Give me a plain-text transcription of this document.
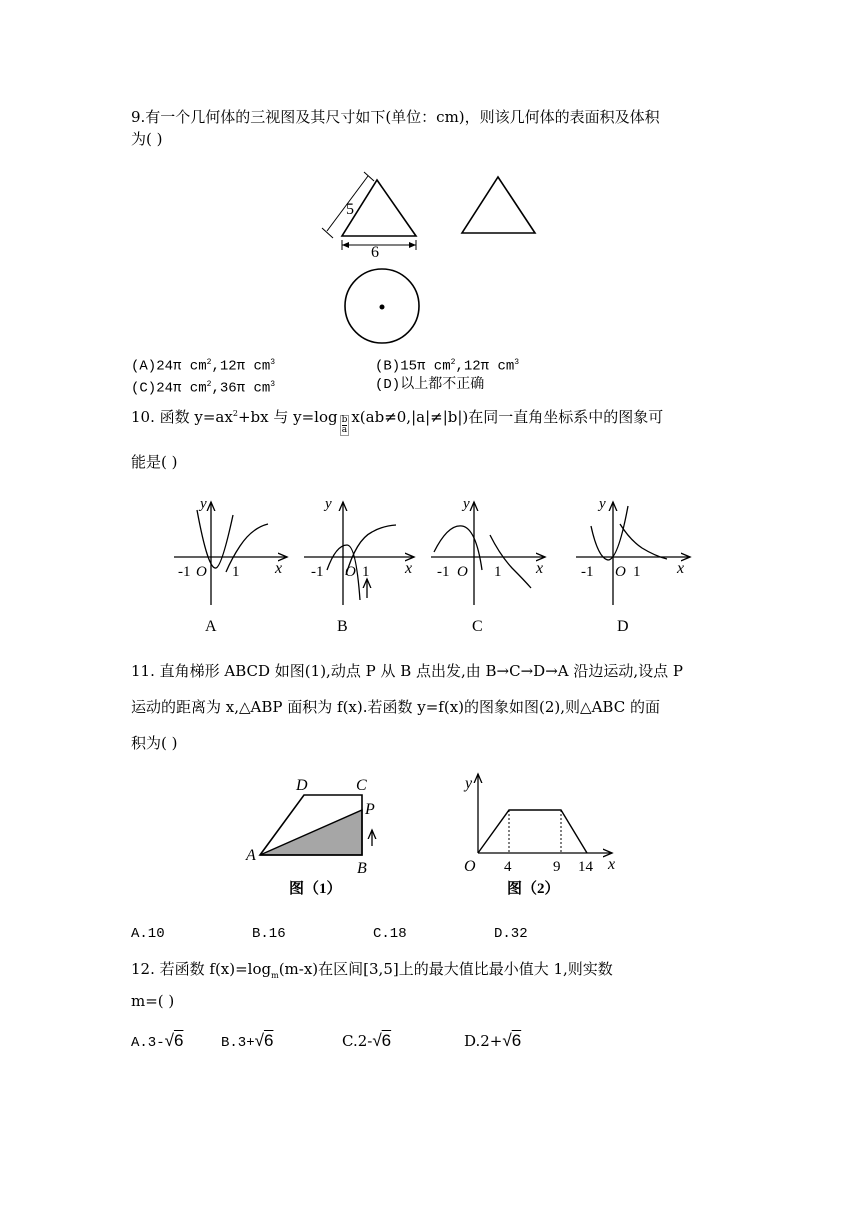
9.有一个几何体的三视图及其尺寸如下(单位：cm)，则该几何体的表面积及体积
为( )
5
6
(A)24π $cm^2,12\pi$ $cm^3$	(B)15π $cm^2,12\pi$ $cm^3$
(C)24π $cm^2,36\pi$ $cm^3$	(D)以上都不正确
10. 函数 $y=ax^2+bx$ 与 $y=\log \frac{b}{a} x(ab\ne 0,|a|\ne|b|)$在同一直角坐标系中的图象可
能是( )
y
x
-1 O 1
A
y
x
-1 O 1
B
y
x
-1 O 1
C
y
x
-1 O 1
D
11. 直角梯形 ABCD 如图(1),动点 P 从 B 点出发,由 B→C→D→A 沿边运动,设点 P
运动的距离为 x,△ABP 面积为 f(x).若函数 y=f(x)的图象如图(2),则△ABC 的面
积为( )
A
B
C
D
P
图（1）
y
x
O 4	9 14
图（2）
A.10	B.16	C.18	D.32
12. 若函数 $f(x)=\log_m(m-x)$在区间[3,5]上的最大值比最小值大 1,则实数
m=( )
A.3-√6	B.3+√6	C.2-√6	D.2+√6
